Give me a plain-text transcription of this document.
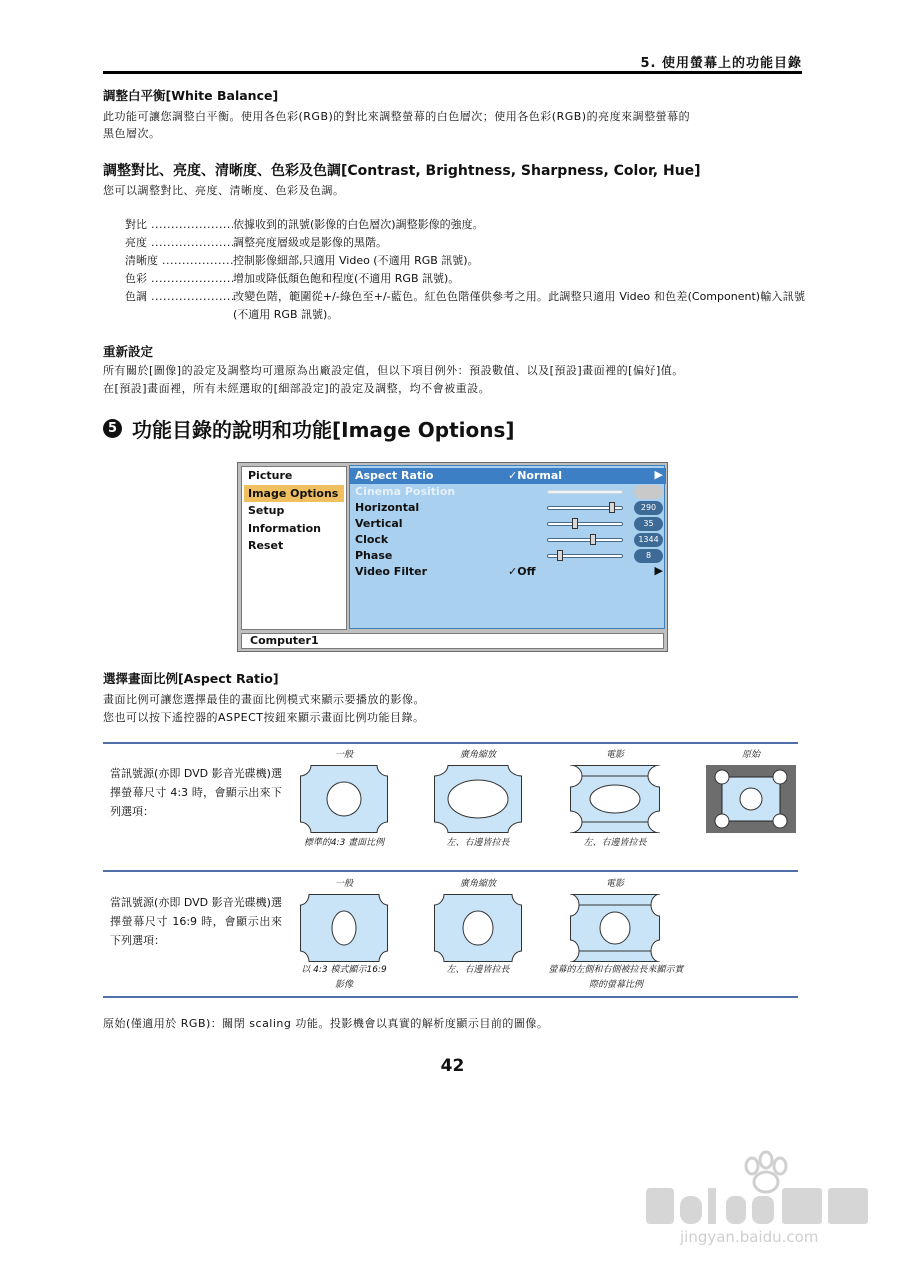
5. 使用螢幕上的功能目錄
調整白平衡[White Balance]
此功能可讓您調整白平衡。使用各色彩(RGB)的對比來調整螢幕的白色層次；使用各色彩(RGB)的亮度來調整螢幕的
黑色層次。
調整對比、亮度、清晰度、色彩及色調[Contrast, Brightness, Sharpness, Color, Hue]
您可以調整對比、亮度、清晰度、色彩及色調。
對比 .....	依據收到的訊號(影像的白色層次)調整影像的強度。
亮度 .....	調整亮度層級或是影像的黑階。
清晰度 .....	控制影像細部,只適用 Video (不適用 RGB 訊號)。
色彩 .....	增加或降低顏色飽和程度(不適用 RGB 訊號)。
色調 .....	改變色階，範圍從+/-綠色至+/-藍色。紅色色階僅供參考之用。此調整只適用 Video 和色差(Component)輸入訊號(不適用 RGB 訊號)。
重新設定
所有關於[圖像]的設定及調整均可還原為出廠設定值，但以下項目例外：預設數值、以及[預設]畫面裡的[偏好]值。
在[預設]畫面裡，所有未經選取的[細部設定]的設定及調整，均不會被重設。
5 功能目錄的說明和功能[Image Options]
Picture
Image Options
Setup
Information
Reset
Aspect Ratio	✓Normal	▶
Cinema Position
Horizontal	290
Vertical	35
Clock	1344
Phase	8
Video Filter	✓Off	▶
Computer1
選擇畫面比例[Aspect Ratio]
畫面比例可讓您選擇最佳的畫面比例模式來顯示要播放的影像。
您也可以按下遙控器的ASPECT按鈕來顯示畫面比例功能目錄。
當訊號源(亦即 DVD 影音光碟機)選擇螢幕尺寸 4:3 時，會顯示出來下列選項：
一般	廣角縮放	電影	原始
標準的4:3 畫面比例	左、右邊皆拉長	左、右邊皆拉長
當訊號源(亦即 DVD 影音光碟機)選擇螢幕尺寸 16:9 時，會顯示出來下列選項：
一般	廣角縮放	電影
以 4:3 模式顯示16:9 影像
左、右邊皆拉長	螢幕的左側和右側被拉長來顯示實際的螢幕比例
原始(僅適用於 RGB)：關閉 scaling 功能。投影機會以真實的解析度顯示目前的圖像。
42
jingyan.baidu.com
